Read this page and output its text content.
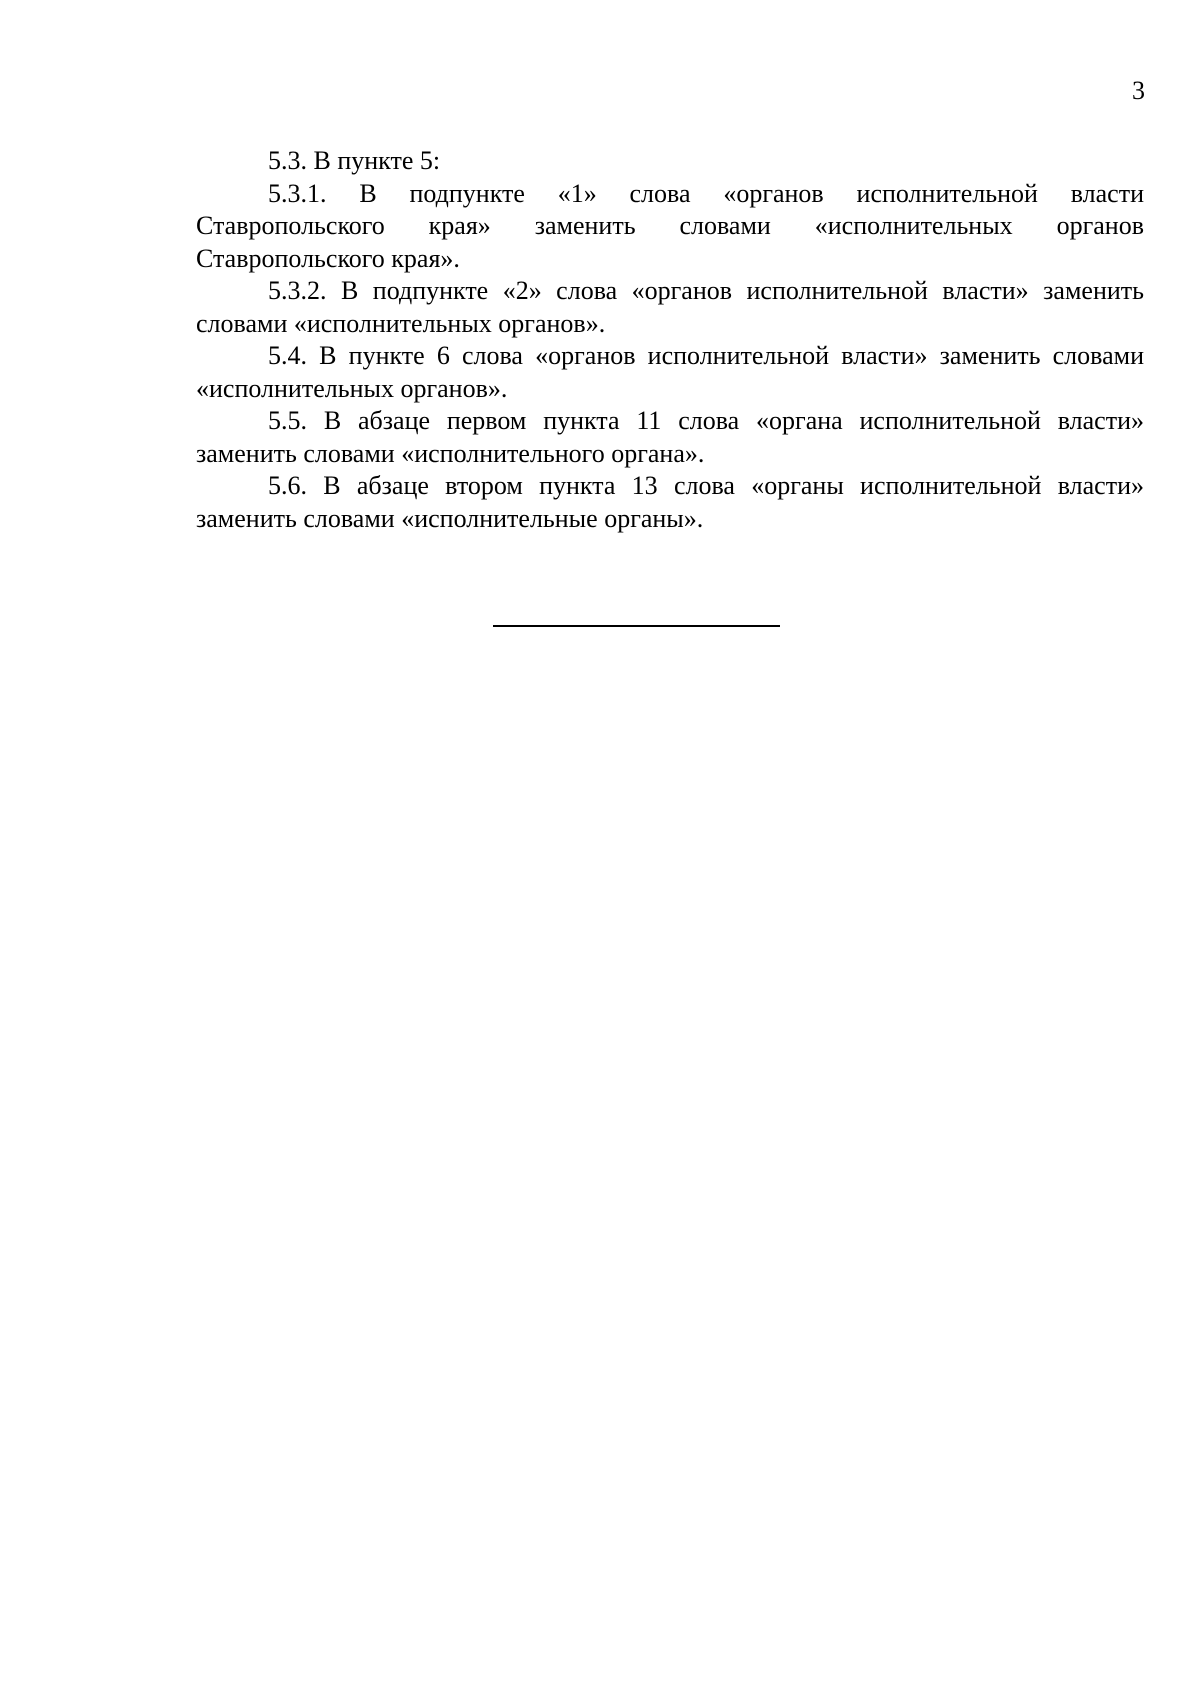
3

5.3. В пункте 5:

5.3.1. В подпункте «1» слова «органов исполнительной власти Ставропольского края» заменить словами «исполнительных органов Ставропольского края».

5.3.2. В подпункте «2» слова «органов исполнительной власти» заменить словами «исполнительных органов».

5.4. В пункте 6 слова «органов исполнительной власти» заменить словами «исполнительных органов».

5.5. В абзаце первом пункта 11 слова «органа исполнительной власти» заменить словами «исполнительного органа».

5.6. В абзаце втором пункта 13 слова «органы исполнительной власти» заменить словами «исполнительные органы».
